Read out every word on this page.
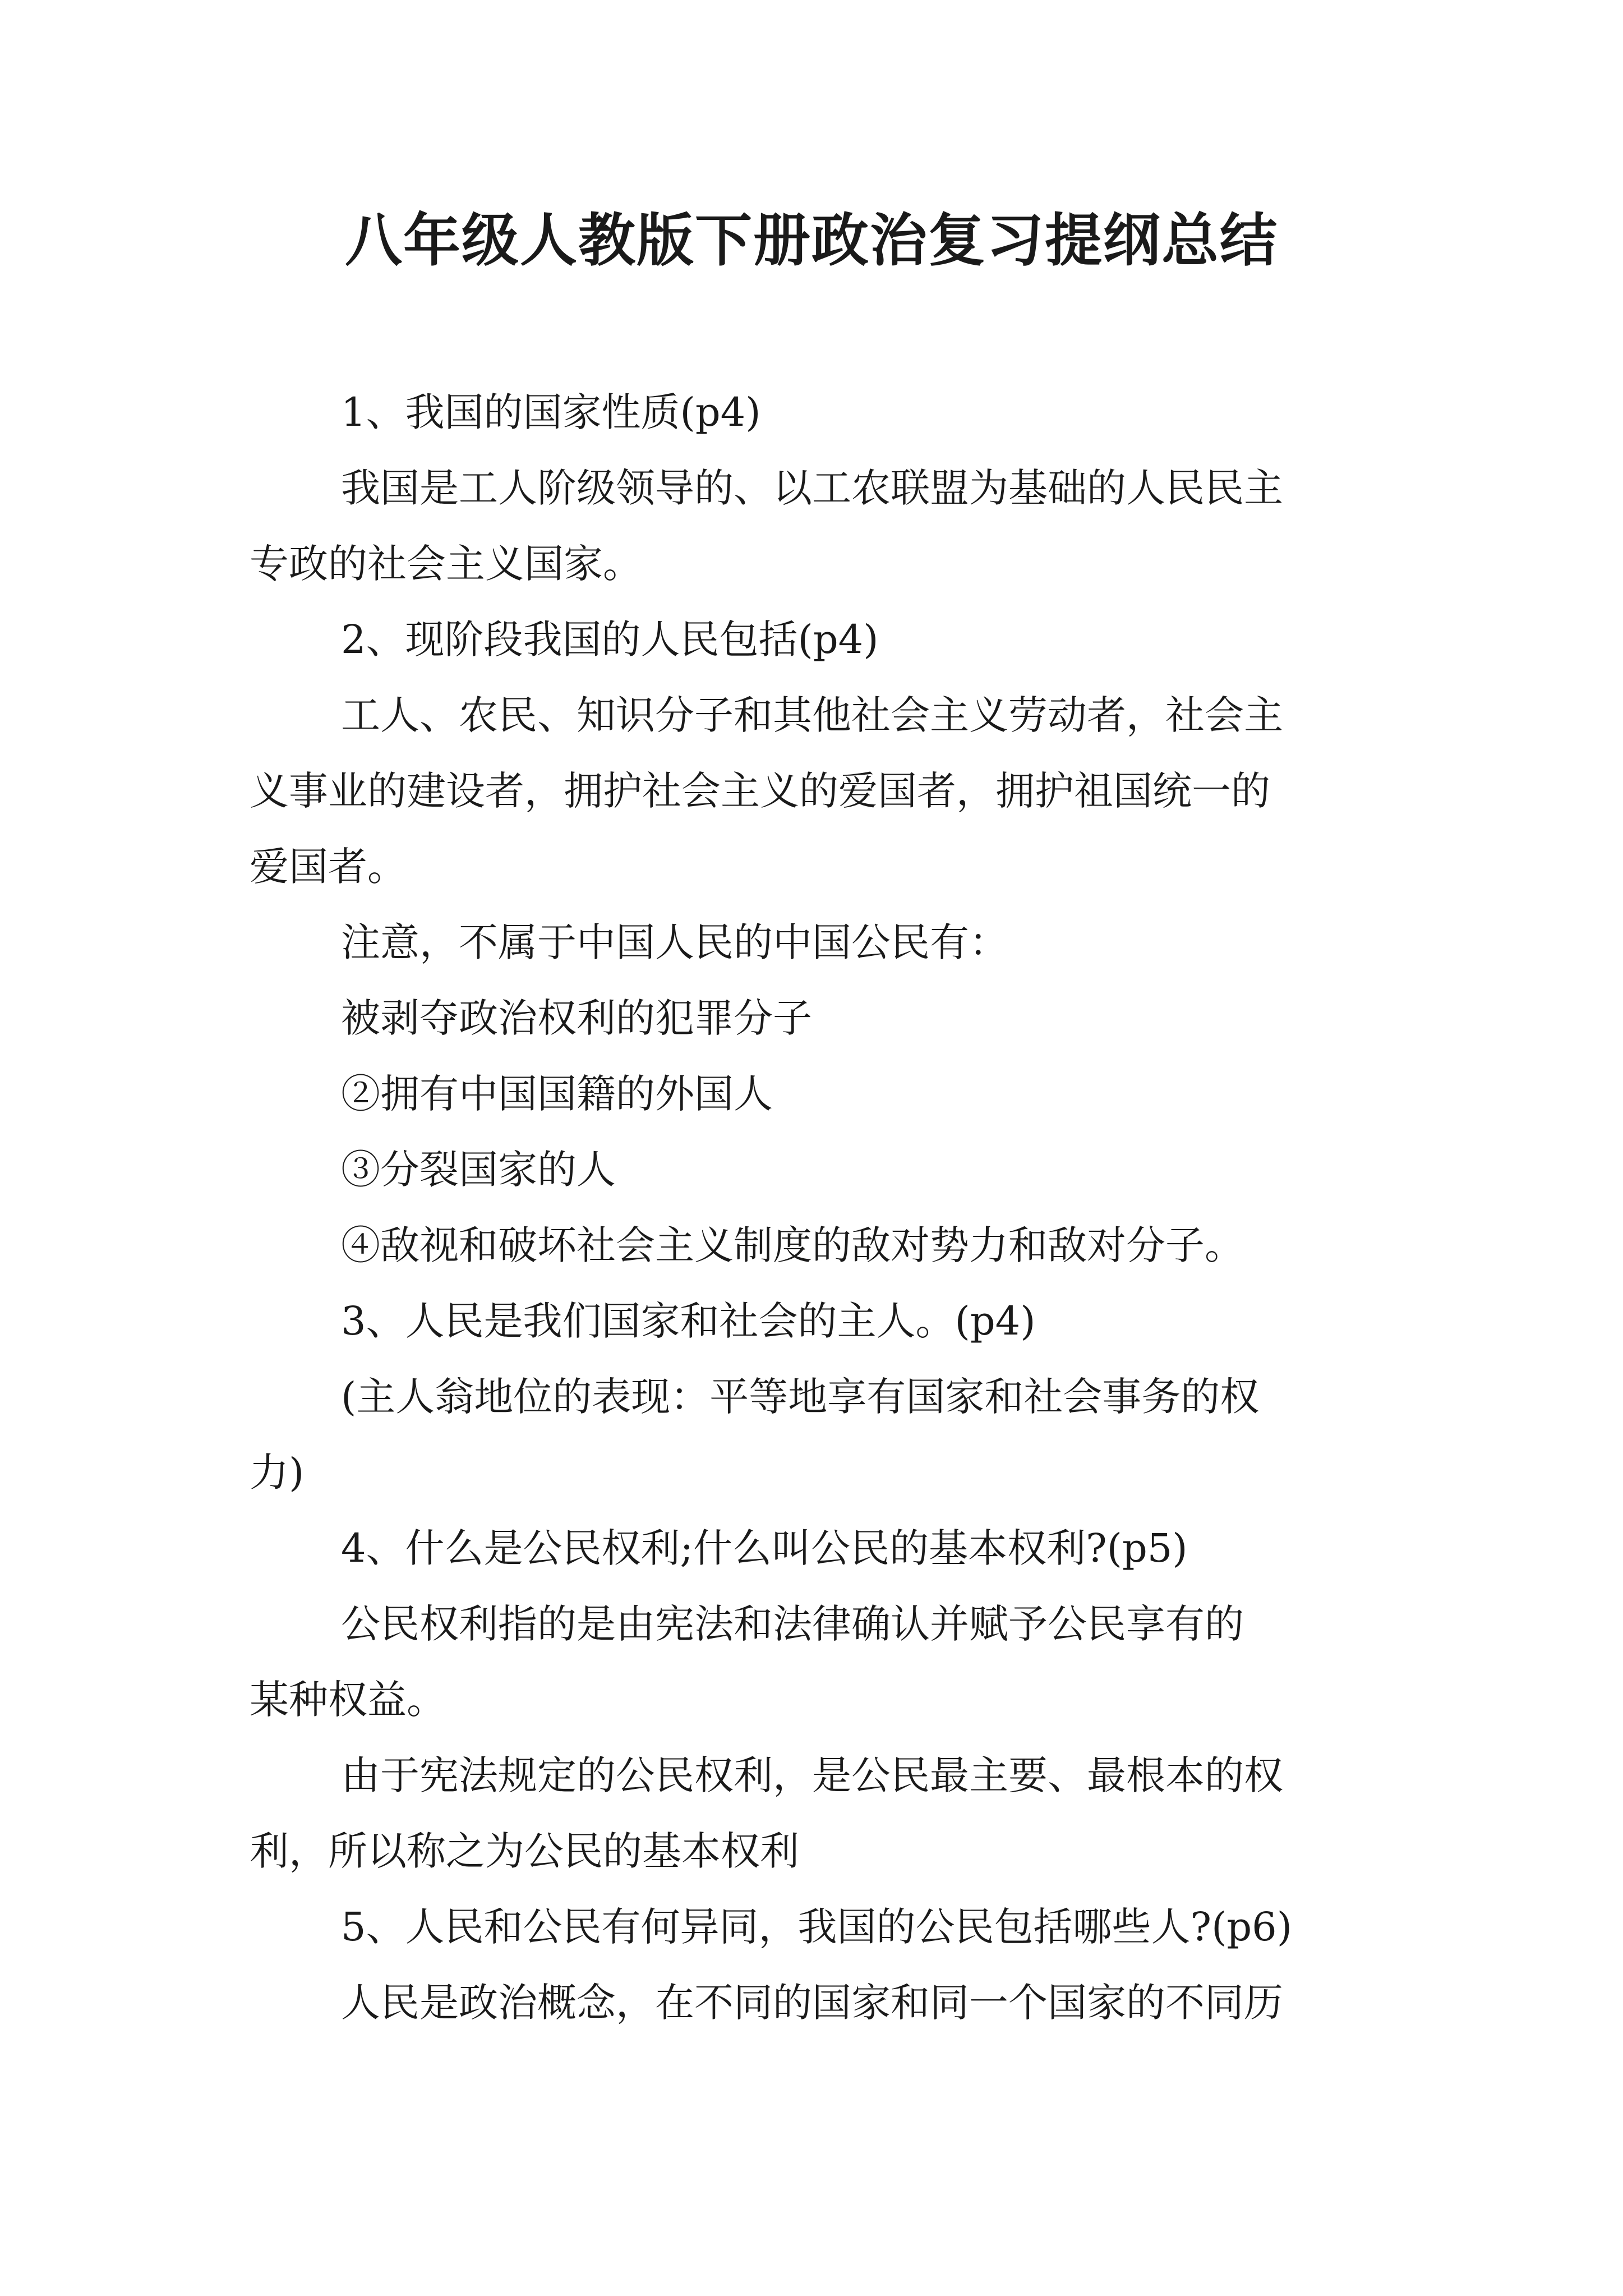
八年级人教版下册政治复习提纲总结
1、我国的国家性质(p4)
我国是工人阶级领导的、以工农联盟为基础的人民民主
专政的社会主义国家。
2、现阶段我国的人民包括(p4)
工人、农民、知识分子和其他社会主义劳动者，社会主
义事业的建设者，拥护社会主义的爱国者，拥护祖国统一的
爱国者。
注意，不属于中国人民的中国公民有：
被剥夺政治权利的犯罪分子
②拥有中国国籍的外国人
③分裂国家的人
④敌视和破坏社会主义制度的敌对势力和敌对分子。
3、人民是我们国家和社会的主人。(p4)
(主人翁地位的表现：平等地享有国家和社会事务的权
力)
4、什么是公民权利;什么叫公民的基本权利?(p5)
公民权利指的是由宪法和法律确认并赋予公民享有的
某种权益。
由于宪法规定的公民权利，是公民最主要、最根本的权
利，所以称之为公民的基本权利
5、人民和公民有何异同，我国的公民包括哪些人?(p6)
人民是政治概念，在不同的国家和同一个国家的不同历
